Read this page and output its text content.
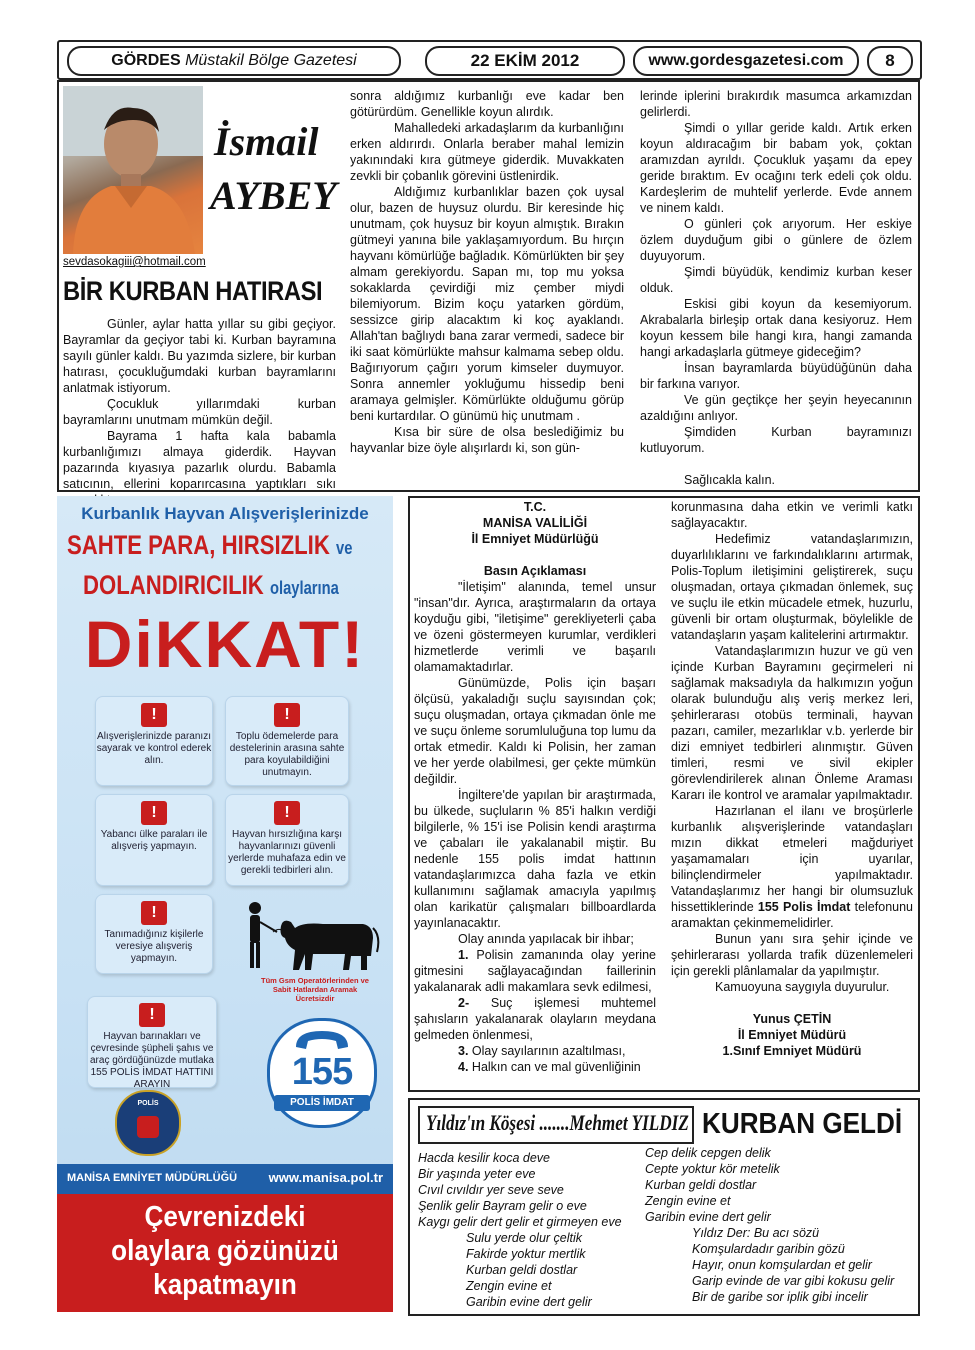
GÖRDES Müstakil Bölge Gazetesi	22 EKİM 2012	www.gordesgazetesi.com	8
İsmail
AYBEY
sevdasokagiii@hotmail.com
BİR KURBAN HATIRASI

Günler, aylar hatta yıllar su gibi geçiyor. Bayramlar da geçiyor tabi ki. Kurban bayramına sayılı günler kaldı. Bu yazımda sizlere, bir kurban hatırası, çocukluğumdaki kurban bayramlarını anlatmak istiyorum.

Çocukluk yıllarımdaki kurban bayramlarını unutmam mümkün değil.

Bayrama 1 hafta kala babamla kurbanlığımızı almaya giderdik. Hayvan pazarında kıyasıya pazarlık olurdu. Babamla satıcının, ellerini koparırcasına yaptıkları sıkı

sonra aldığımız kurbanlığı eve kadar ben götürürdüm. Genellikle koyun alırdık.

Mahalledeki arkadaşlarım da kurbanlığını erken aldırırdı. Onlarla beraber mahal lemizin yakınındaki kıra gütmeye giderdik. Muvakkaten zevkli bir çobanlık görevini üstlenirdik.

Aldığımız kurbanlıklar bazen çok uysal olur, bazen de huysuz olurdu. Bir keresinde hiç unutmam, çok huysuz bir koyun almıştık. Bırakın gütmeyi yanına bile yaklaşamıyordum. Bu hırçın hayvanı kömürlüğe bağladık. Kömürlükten bir şey almam gerekiyordu. Sapan mı, top mu yoksa sokaklarda çevirdiği miz çember miydi bilemiyorum. Bizim koçu yatarken gördüm, sessizce girip alacaktım ki koç ayaklandı. Allah'tan bağlıydı bana zarar vermedi, sadece bir iki saat kömürlükte mahsur kalmama sebep oldu. Bağırıyorum çağırı yorum kimseler duymuyor. Sonra annemler yokluğumu hissedip beni aramaya gelmişler. Kömürlükte olduğumu görüp beni kurtardılar. O günümü hiç unutmam .

Kısa bir süre de olsa beslediğimiz bu hayvanlar bize öyle alışırlardı ki, son gün-

lerinde iplerini bırakırdık masumca arkamızdan gelirlerdi.

Şimdi o yıllar geride kaldı. Artık erken koyun aldıracağım bir babam yok, çoktan aramızdan ayrıldı. Çocukluk yaşamı da epey geride bıraktım. Ev ocağını terk edeli çok oldu. Kardeşlerim de muhtelif yerlerde. Evde annem ve ninem kaldı.

O günleri çok arıyorum. Her eskiye özlem duyduğum gibi o günlere de özlem duyuyorum.

Şimdi büyüdük, kendimiz kurban keser olduk.

Eskisi gibi koyun da kesemiyorum. Akrabalarla birleşip ortak dana kesiyoruz. Hem koyun kessem bile hangi kıra, hangi zamanda hangi arkadaşlarla gütmeye gideceğim?

İnsan bayramlarda büyüdüğünün daha bir farkına varıyor.

Ve gün geçtikçe her şeyin heyecanının azaldığını anlıyor.

Şimdiden Kurban bayramınızı kutluyorum.

Sağlıcakla kalın.

Kurbanlık Hayvan Alışverişlerinizde
SAHTE PARA, HIRSIZLIK ve
DOLANDIRICILIK olaylarına
DiKKAT!
!
Alışverişlerinizde paranızı sayarak ve kontrol ederek alın.
!
Toplu ödemelerde para destelerinin arasına sahte para koyulabildiğini unutmayın.
!
Yabancı ülke paraları ile alışveriş yapmayın.
!
Hayvan hırsızlığına karşı hayvanlarınızı güvenli yerlerde muhafaza edin ve gerekli tedbirleri alın.
!
Tanımadığınız kişilerle veresiye alışveriş yapmayın.
!
Hayvan barınakları ve çevresinde şüpheli şahıs ve araç gördüğünüzde mutlaka 155 POLİS İMDAT HATTINI ARAYIN
Tüm Gsm Operatörlerinden ve Sabit Hatlardan Aramak Ücretsizdir
155
POLİS İMDAT
POLİS
MANİSA EMNİYET MÜDÜRLÜĞÜ www.manisa.pol.tr
Çevrenizdeki
olaylara gözünüzü
kapatmayın

T.C.

MANİSA VALİLİĞİ

İl Emniyet Müdürlüğü

Basın Açıklaması

"İletişim" alanında, temel unsur "insan"dır. Ayrıca, araştırmaların da ortaya koyduğu gibi, "iletişime" gerekliyeterli çaba ve özeni göstermeyen kurumlar, verdikleri hizmetlerde verimli ve başarılı olamamaktadırlar.

Günümüzde, Polis için başarı ölçüsü, yakaladığı suçlu sayısından çok; suçu oluşmadan, ortaya çıkmadan önle me ve suçu önleme sorumluluğuna top lumu da ortak etmedir. Kaldı ki Polisin, her zaman ve her yerde olabilmesi, ger çekte mümkün değildir.

İngiltere'de yapılan bir araştırmada, bu ülkede, suçluların % 85'i halkın verdiği bilgilerle, % 15'i ise Polisin kendi araştırma ve çabaları ile yakalanabil miştir. Bu nedenle 155 polis imdat hattının vatandaşlarımızca daha fazla ve etkin kullanımını sağlamak amacıyla yapılmış olan karikatür çalışmaları billboardlarda yayınlanacaktır.

Olay anında yapılacak bir ihbar;

1. Polisin zamanında olay yerine gitmesini sağlayacağından faillerinin yakalanarak adli makamlara sevk edilmesi,

2- Suç işlemesi muhtemel şahısların yakalanarak olayların meydana gelmeden önlenmesi,

3. Olay sayılarının azaltılması,

4. Halkın can ve mal güvenliğinin

korunmasına daha etkin ve verimli katkı sağlayacaktır.

Hedefimiz vatandaşlarımızın, duyarlılıklarını ve farkındalıklarını artırmak, Polis-Toplum iletişimini geliştirerek, suçu oluşmadan, ortaya çıkmadan önlemek, suç ve suçlu ile etkin mücadele etmek, huzurlu, güvenli bir ortam oluşturmak, böylelikle de vatandaşların yaşam kalitelerini artırmaktır.

Vatandaşlarımızın huzur ve gü ven içinde Kurban Bayramını geçirmeleri ni sağlamak maksadıyla da halkımızın yoğun olarak bulunduğu alış veriş merkez leri, şehirlerarası otobüs terminali, hayvan pazarı, camiler, mezarlıklar v.b. yerlerde bir dizi emniyet tedbirleri alınmıştır. Güven timleri, resmi ve sivil ekipler görevlendirilerek alınan Önleme Araması Kararı ile kontrol ve aramalar yapılmaktadır.

Hazırlanan el ilanı ve broşürlerle kurbanlık alışverişlerinde vatandaşları mızın dikkat etmeleri mağduriyet yaşamamaları için uyarılar, bilinçlendirmeler yapılmaktadır. Vatandaşlarımız her hangi bir olumsuzluk hissettiklerinde 155 Polis İmdat telefonunu aramaktan çekinmemelidirler.

Bunun yanı sıra şehir içinde ve şehirlerarası yollarda trafik düzenlemeleri için gerekli plânlamalar da yapılmıştır.

Kamuoyuna saygıyla duyurulur.

Yunus ÇETİN

İl Emniyet Müdürü

1.Sınıf Emniyet Müdürü

Yıldız'ın Köşesi .......Mehmet YILDIZ KURBAN GELDİ
Hacda kesilir koca deve
Bir yaşında yeter eve
Cıvıl cıvıldır yer seve seve
Şenlik gelir Bayram gelir o eve
Kaygı gelir dert gelir et girmeyen eve
Sulu yerde olur çeltik
Fakirde yoktur mertlik
Kurban geldi dostlar
Zengin evine et
Garibin evine dert gelir
Cep delik cepgen delik
Cepte yoktur kör metelik
Kurban geldi dostlar
Zengin evine et
Garibin evine dert gelir
Yıldız Der: Bu acı sözü
Komşulardadır garibin gözü
Hayır, onun komşulardan et gelir
Garip evinde de var gibi kokusu gelir
Bir de garibe sor iplik gibi incelir
